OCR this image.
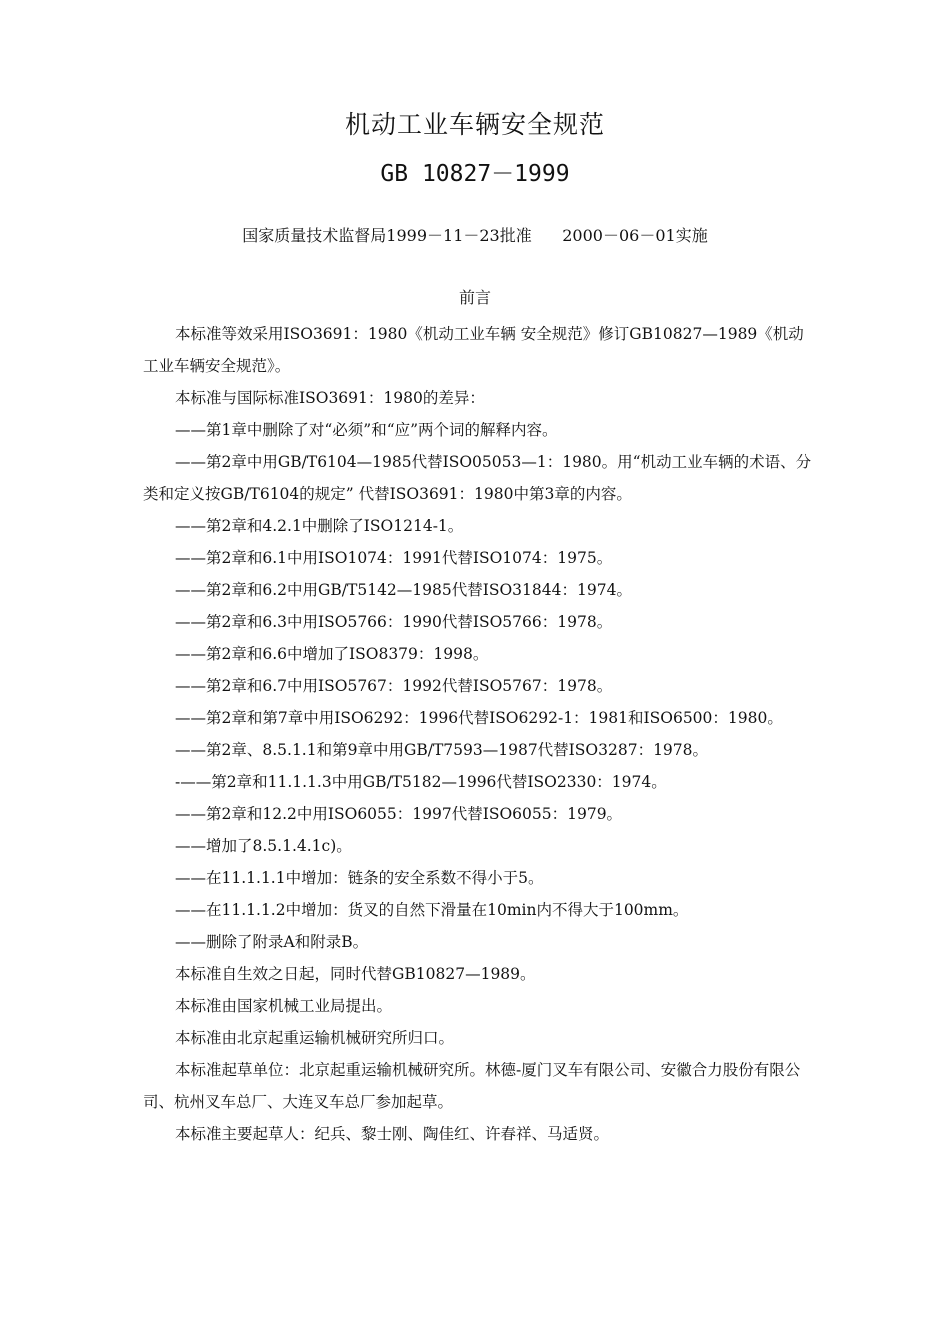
机动工业车辆安全规范
GB 10827－1999
国家质量技术监督局1999－11－23批准      2000－06－01实施
前言

本标准等效采用ISO3691：1980《机动工业车辆 安全规范》修订GB10827—1989《机动工业车辆安全规范》。

本标准与国际标准ISO3691：1980的差异：

——第1章中删除了对“必须”和“应”两个词的解释内容。

——第2章中用GB/T6104—1985代替ISO05053—1：1980。用“机动工业车辆的术语、分类和定义按GB/T6104的规定” 代替ISO3691：1980中第3章的内容。

——第2章和4.2.1中删除了ISO1214-1。

——第2章和6.1中用ISO1074：1991代替ISO1074：1975。

——第2章和6.2中用GB/T5142—1985代替ISO31844：1974。

——第2章和6.3中用ISO5766：1990代替ISO5766：1978。

——第2章和6.6中增加了ISO8379：1998。

——第2章和6.7中用ISO5767：1992代替ISO5767：1978。

——第2章和第7章中用ISO6292：1996代替ISO6292-1：1981和ISO6500：1980。

——第2章、8.5.1.1和第9章中用GB/T7593—1987代替ISO3287：1978。

-——第2章和11.1.1.3中用GB/T5182—1996代替ISO2330：1974。

——第2章和12.2中用ISO6055：1997代替ISO6055：1979。

——增加了8.5.1.4.1c)。

——在11.1.1.1中增加：链条的安全系数不得小于5。

——在11.1.1.2中增加：货叉的自然下滑量在10min内不得大于100mm。

——删除了附录A和附录B。

本标准自生效之日起，同时代替GB10827—1989。

本标准由国家机械工业局提出。

本标准由北京起重运输机械研究所归口。

本标准起草单位：北京起重运输机械研究所。林德-厦门叉车有限公司、安徽合力股份有限公司、杭州叉车总厂、大连叉车总厂参加起草。

本标准主要起草人：纪兵、黎士刚、陶佳红、许春祥、马适贤。
